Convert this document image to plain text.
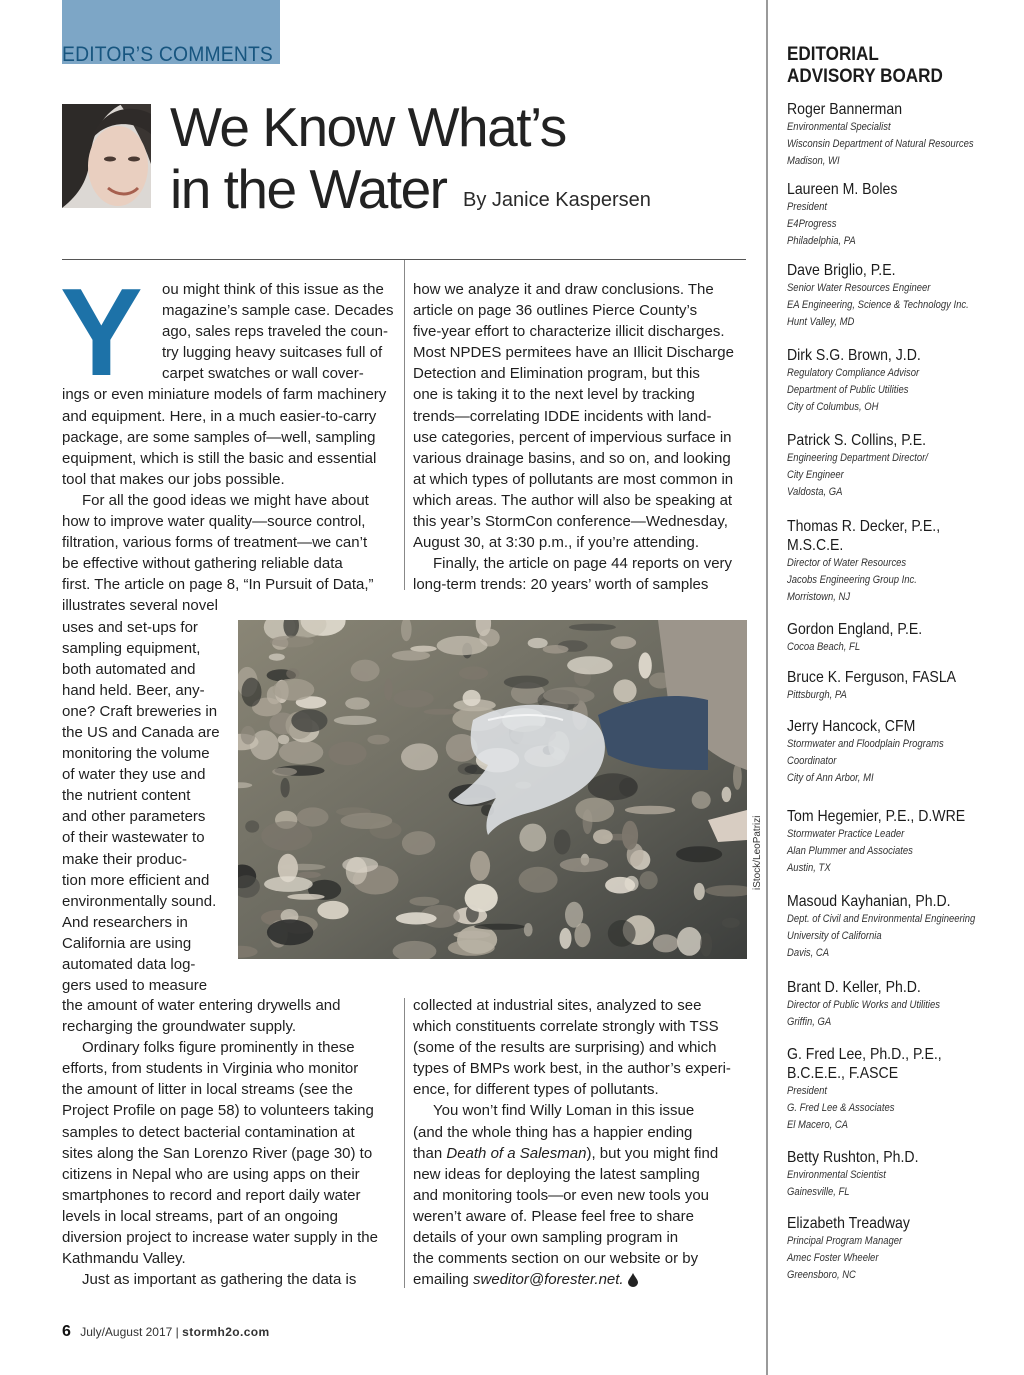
EDITOR’S COMMENTS
We Know What’s
in the Water By Janice Kaspersen
Y	ou might think of this issue as the
magazine’s sample case. Decades
ago, sales reps traveled the coun-
try lugging heavy suitcases full of
carpet swatches or wall cover-
ings or even miniature models of farm machinery
and equipment. Here, in a much easier-to-carry
package, are some samples of—well, sampling
equipment, which is still the basic and essential
tool that makes our jobs possible.
For all the good ideas we might have about
how to improve water quality—source control,
filtration, various forms of treatment—we can’t
be effective without gathering reliable data
first. The article on page 8, “In Pursuit of Data,”
illustrates several novel
uses and set-ups for
sampling equipment,
both automated and
hand held. Beer, any-
one? Craft breweries in
the US and Canada are
monitoring the volume
of water they use and
the nutrient content
and other parameters
of their wastewater to
make their produc-
tion more efficient and
environmentally sound.
And researchers in
California are using
automated data log-
gers used to measure
how we analyze it and draw conclusions. The
article on page 36 outlines Pierce County’s
five-year effort to characterize illicit discharges.
Most NPDES permitees have an Illicit Discharge
Detection and Elimination program, but this
one is taking it to the next level by tracking
trends—correlating IDDE incidents with land-
use categories, percent of impervious surface in
various drainage basins, and so on, and looking
at which types of pollutants are most common in
which areas. The author will also be speaking at
this year’s StormCon conference—Wednesday,
August 30, at 3:30 p.m., if you’re attending.
Finally, the article on page 44 reports on very
long-term trends: 20 years’ worth of samples
iStock/LeoPatrizi
the amount of water entering drywells and
recharging the groundwater supply.
Ordinary folks figure prominently in these
efforts, from students in Virginia who monitor
the amount of litter in local streams (see the
Project Profile on page 58) to volunteers taking
samples to detect bacterial contamination at
sites along the San Lorenzo River (page 30) to
citizens in Nepal who are using apps on their
smartphones to record and report daily water
levels in local streams, part of an ongoing
diversion project to increase water supply in the
Kathmandu Valley.
Just as important as gathering the data is
collected at industrial sites, analyzed to see
which constituents correlate strongly with TSS
(some of the results are surprising) and which
types of BMPs work best, in the author’s experi-
ence, for different types of pollutants.
You won’t find Willy Loman in this issue
(and the whole thing has a happier ending
than Death of a Salesman), but you might find
new ideas for deploying the latest sampling
and monitoring tools—or even new tools you
weren’t aware of. Please feel free to share
details of your own sampling program in
the comments section on our website or by
emailing sweditor@forester.net.
6 July/August 2017 | stormh2o.com
EDITORIAL
ADVISORY BOARD
Roger Bannerman
Environmental Specialist
Wisconsin Department of Natural Resources
Madison, WI
Laureen M. Boles
President
E4Progress
Philadelphia, PA
Dave Briglio, P.E.
Senior Water Resources Engineer
EA Engineering, Science & Technology Inc.
Hunt Valley, MD
Dirk S.G. Brown, J.D.
Regulatory Compliance Advisor
Department of Public Utilities
City of Columbus, OH
Patrick S. Collins, P.E.
Engineering Department Director/
City Engineer
Valdosta, GA
Thomas R. Decker, P.E.,
M.S.C.E.
Director of Water Resources
Jacobs Engineering Group Inc.
Morristown, NJ
Gordon England, P.E.
Cocoa Beach, FL
Bruce K. Ferguson, FASLA
Pittsburgh, PA
Jerry Hancock, CFM
Stormwater and Floodplain Programs
Coordinator
City of Ann Arbor, MI
Tom Hegemier, P.E., D.WRE
Stormwater Practice Leader
Alan Plummer and Associates
Austin, TX
Masoud Kayhanian, Ph.D.
Dept. of Civil and Environmental Engineering
University of California
Davis, CA
Brant D. Keller, Ph.D.
Director of Public Works and Utilities
Griffin, GA
G. Fred Lee, Ph.D., P.E.,
B.C.E.E., F.ASCE
President
G. Fred Lee & Associates
El Macero, CA
Betty Rushton, Ph.D.
Environmental Scientist
Gainesville, FL
Elizabeth Treadway
Principal Program Manager
Amec Foster Wheeler
Greensboro, NC
